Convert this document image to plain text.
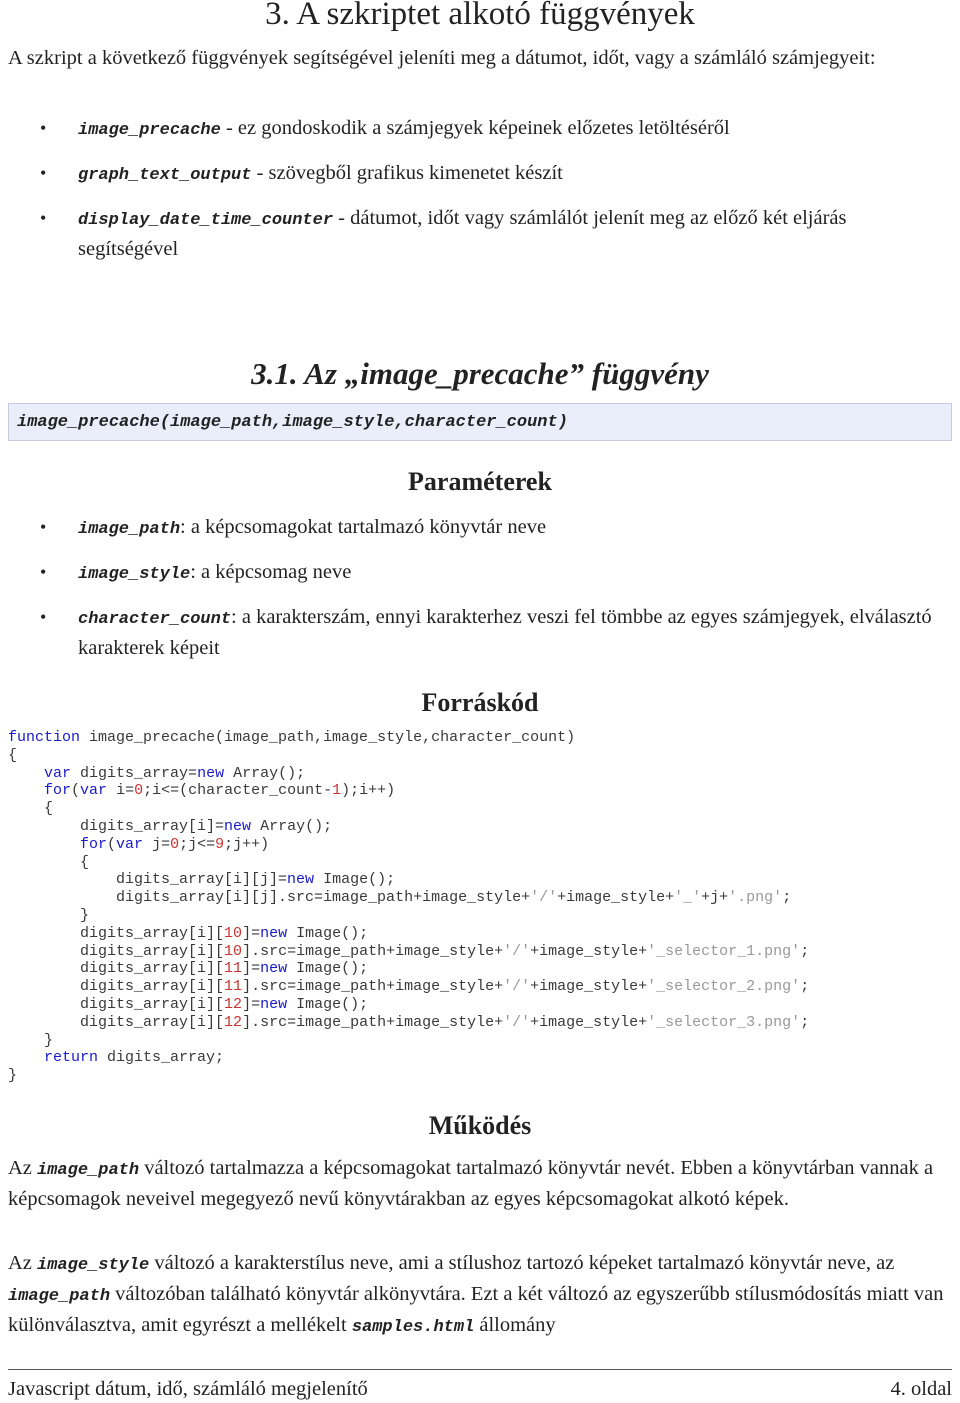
3. A szkriptet alkotó függvények
A szkript a következő függvények segítségével jeleníti meg a dátumot, időt, vagy a számláló számjegyeit:
• image_precache - ez gondoskodik a számjegyek képeinek előzetes letöltéséről
• graph_text_output - szövegből grafikus kimenetet készít
• display_date_time_counter - dátumot, időt vagy számlálót jelenít meg az előző két eljárás segítségével
3.1. Az „image_precache” függvény
image_precache(image_path,image_style,character_count)
Paraméterek
• image_path: a képcsomagokat tartalmazó könyvtár neve
• image_style: a képcsomag neve
• character_count: a karakterszám, ennyi karakterhez veszi fel tömbbe az egyes számjegyek, elválasztó karakterek képeit
Forráskód
function image_precache(image_path,image_style,character_count)
{
var digits_array=new Array();
for(var i=0;i<=(character_count-1);i++)
{
digits_array[i]=new Array();
for(var j=0;j<=9;j++)
{
digits_array[i][j]=new Image();
digits_array[i][j].src=image_path+image_style+'/'+image_style+'_'+j+'.png';
}
digits_array[i][10]=new Image();
digits_array[i][10].src=image_path+image_style+'/'+image_style+'_selector_1.png';
digits_array[i][11]=new Image();
digits_array[i][11].src=image_path+image_style+'/'+image_style+'_selector_2.png';
digits_array[i][12]=new Image();
digits_array[i][12].src=image_path+image_style+'/'+image_style+'_selector_3.png';
}
return digits_array;
}
Működés
Az image_path változó tartalmazza a képcsomagokat tartalmazó könyvtár nevét. Ebben a könyvtárban vannak a képcsomagok neveivel megegyező nevű könyvtárakban az egyes képcsomagokat alkotó képek.
Az image_style változó a karakterstílus neve, ami a stílushoz tartozó képeket tartalmazó könyvtár neve, az image_path változóban található könyvtár alkönyvtára. Ezt a két változó az egyszerűbb stílusmódosítás miatt van különválasztva, amit egyrészt a mellékelt samples.html állomány
Javascript dátum, idő, számláló megjelenítő	4. oldal
